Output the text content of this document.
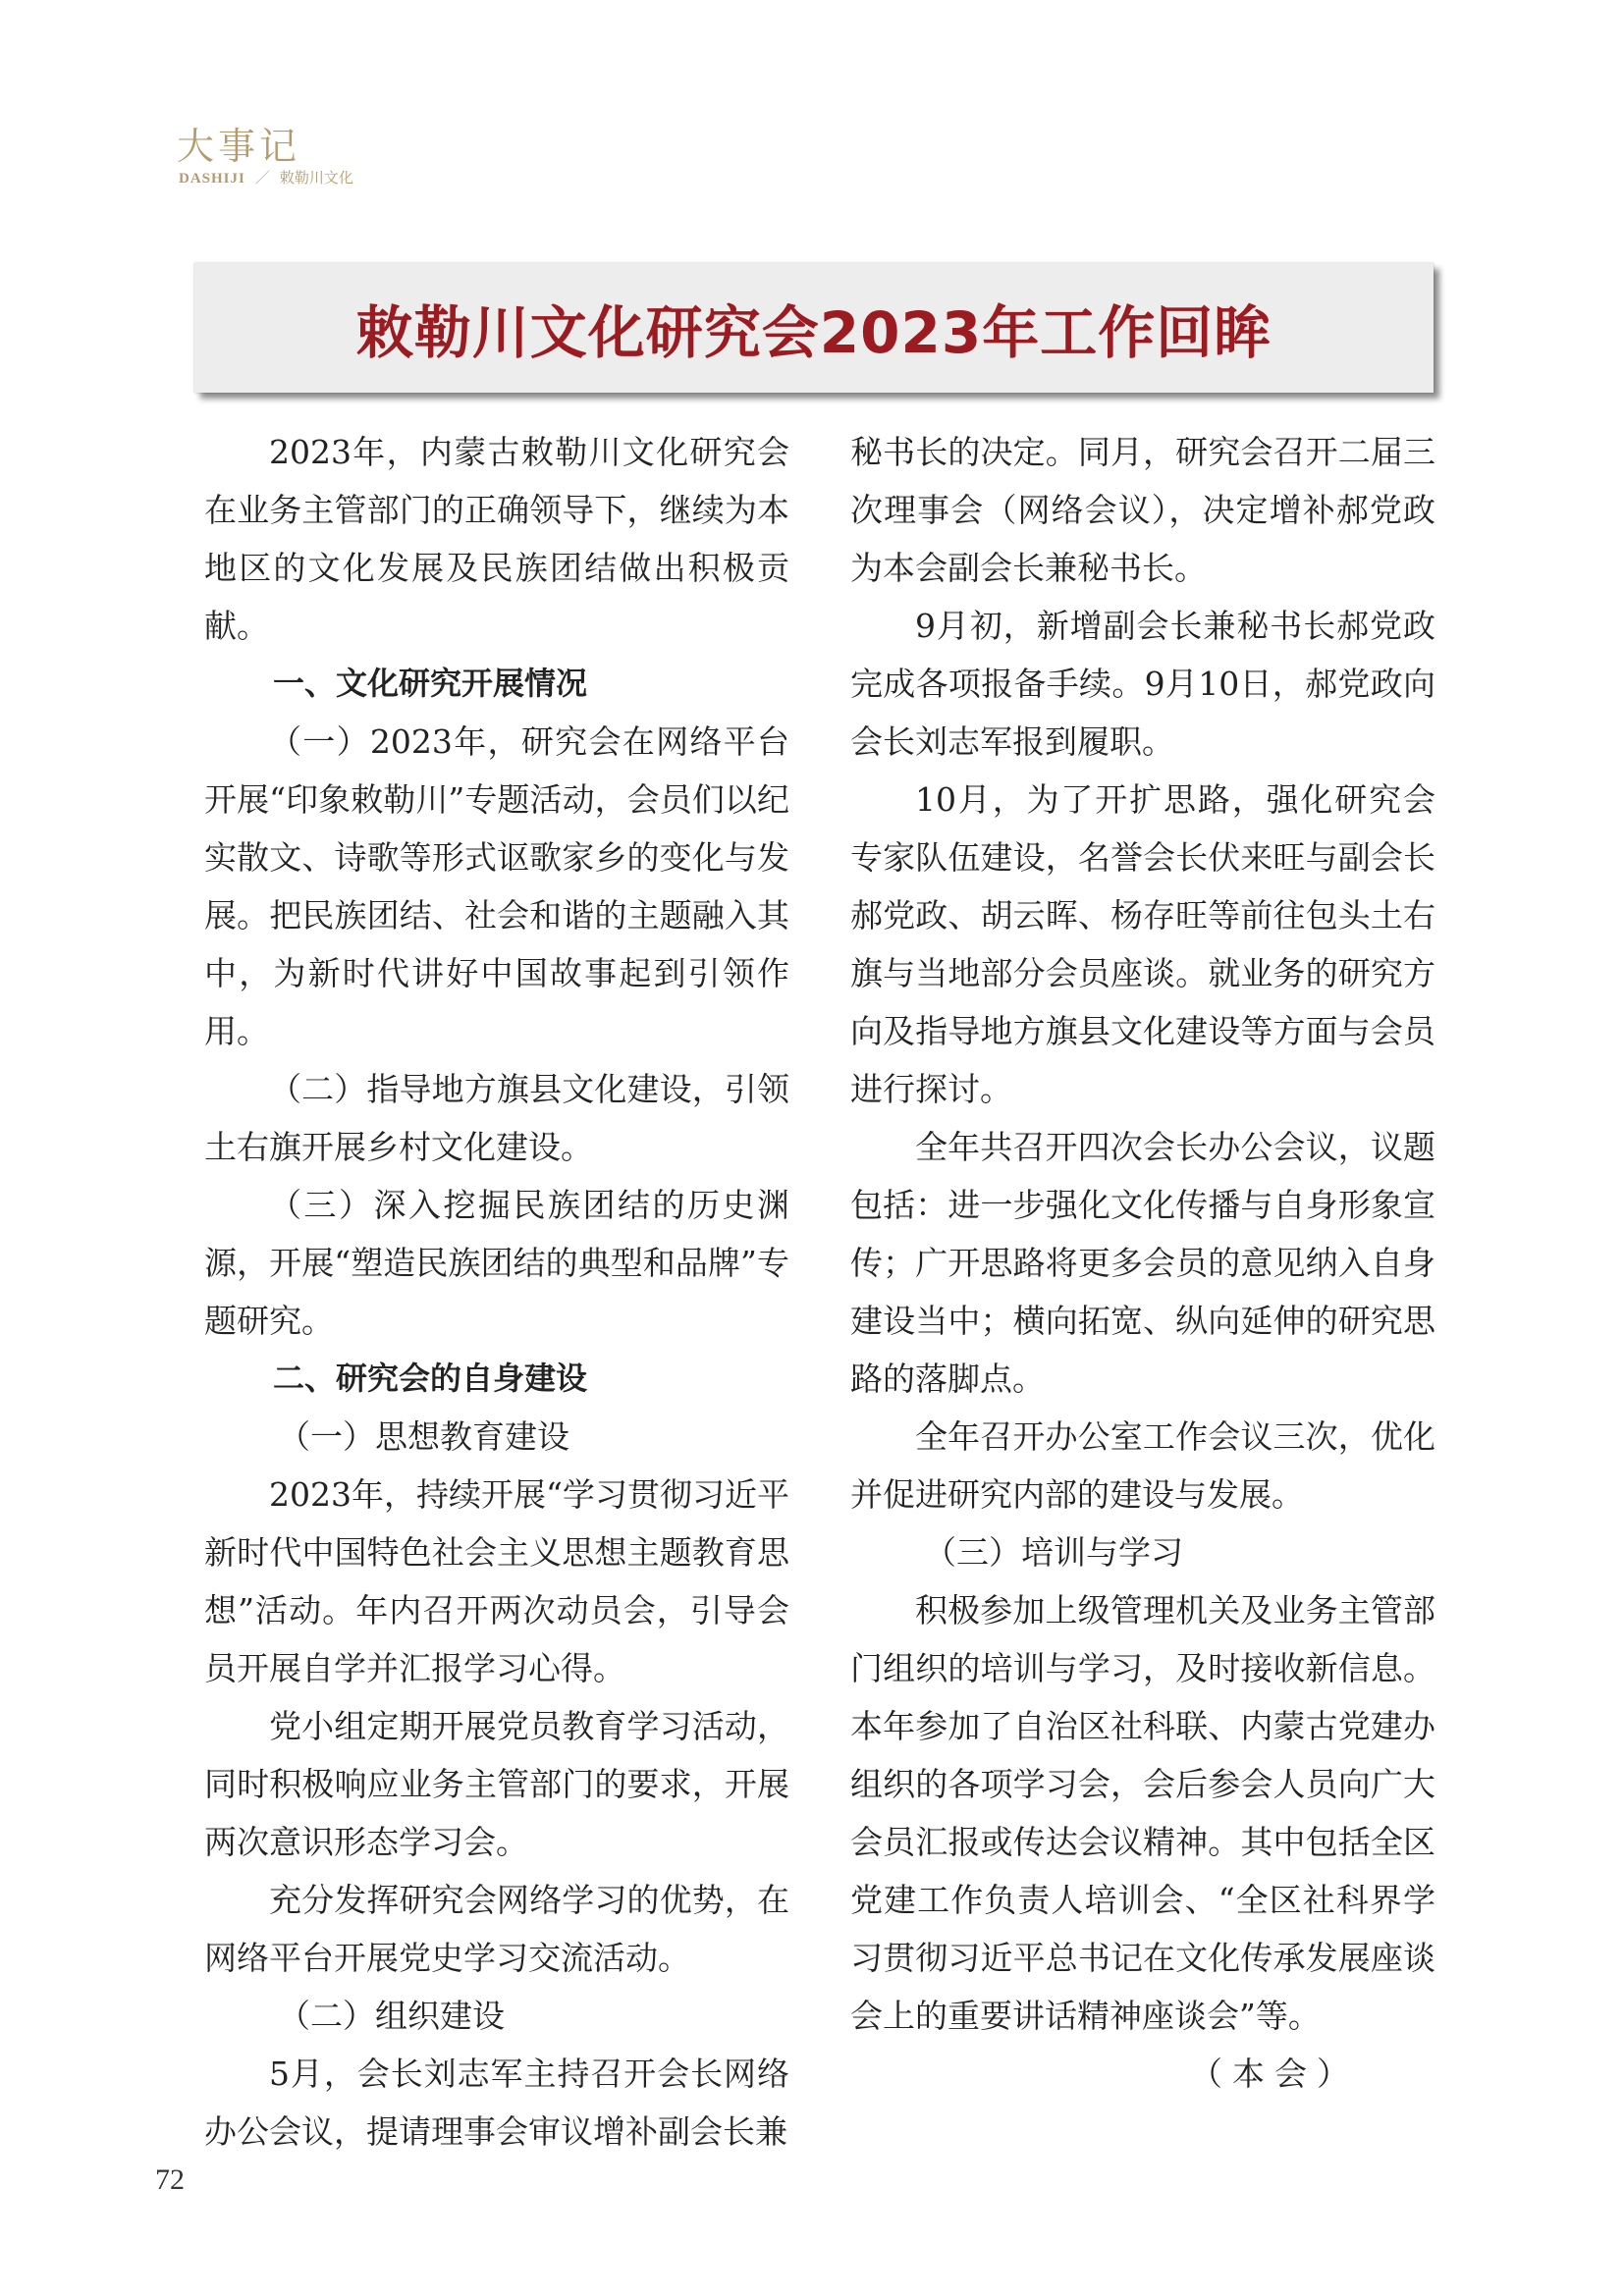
大事记
DASHIJI ／ 敕勒川文化
敕勒川文化研究会2023年工作回眸

2023年，内蒙古敕勒川文化研究会在业务主管部门的正确领导下，继续为本地区的文化发展及民族团结做出积极贡献。

一、文化研究开展情况

（一）2023年，研究会在网络平台开展“印象敕勒川”专题活动，会员们以纪实散文、诗歌等形式讴歌家乡的变化与发展。把民族团结、社会和谐的主题融入其中，为新时代讲好中国故事起到引领作用。

（二）指导地方旗县文化建设，引领土右旗开展乡村文化建设。

（三）深入挖掘民族团结的历史渊源，开展“塑造民族团结的典型和品牌”专题研究。

二、研究会的自身建设

（一）思想教育建设

2023年，持续开展“学习贯彻习近平新时代中国特色社会主义思想主题教育思想”活动。年内召开两次动员会，引导会员开展自学并汇报学习心得。

党小组定期开展党员教育学习活动，同时积极响应业务主管部门的要求，开展两次意识形态学习会。

充分发挥研究会网络学习的优势，在网络平台开展党史学习交流活动。

（二）组织建设

5月，会长刘志军主持召开会长网络办公会议，提请理事会审议增补副会长兼

秘书长的决定。同月，研究会召开二届三次理事会（网络会议），决定增补郝党政为本会副会长兼秘书长。

9月初，新增副会长兼秘书长郝党政完成各项报备手续。9月10日，郝党政向会长刘志军报到履职。

10月，为了开扩思路，强化研究会专家队伍建设，名誉会长伏来旺与副会长郝党政、胡云晖、杨存旺等前往包头土右旗与当地部分会员座谈。就业务的研究方向及指导地方旗县文化建设等方面与会员进行探讨。

全年共召开四次会长办公会议，议题包括：进一步强化文化传播与自身形象宣传；广开思路将更多会员的意见纳入自身建设当中；横向拓宽、纵向延伸的研究思路的落脚点。

全年召开办公室工作会议三次，优化并促进研究内部的建设与发展。

（三）培训与学习

积极参加上级管理机关及业务主管部门组织的培训与学习，及时接收新信息。本年参加了自治区社科联、内蒙古党建办组织的各项学习会，会后参会人员向广大会员汇报或传达会议精神。其中包括全区党建工作负责人培训会、“全区社科界学习贯彻习近平总书记在文化传承发展座谈会上的重要讲话精神座谈会”等。

（本会）

72
